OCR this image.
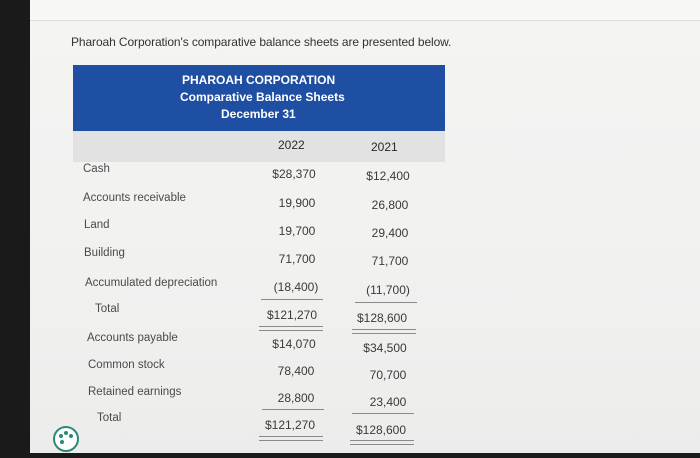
Pharoah Corporation's comparative balance sheets are presented below.
PHAROAH CORPORATION
Comparative Balance Sheets
December 31
2022	2021
Cash
Accounts receivable
Land
Building
Accumulated depreciation
Total
Accounts payable
Common stock
Retained earnings
Total
$28,370
19,900
19,700
71,700
(18,400)
$121,270
$14,070
78,400
28,800
$121,270
$12,400
26,800
29,400
71,700
(11,700)
$128,600
$34,500
70,700
23,400
$128,600
